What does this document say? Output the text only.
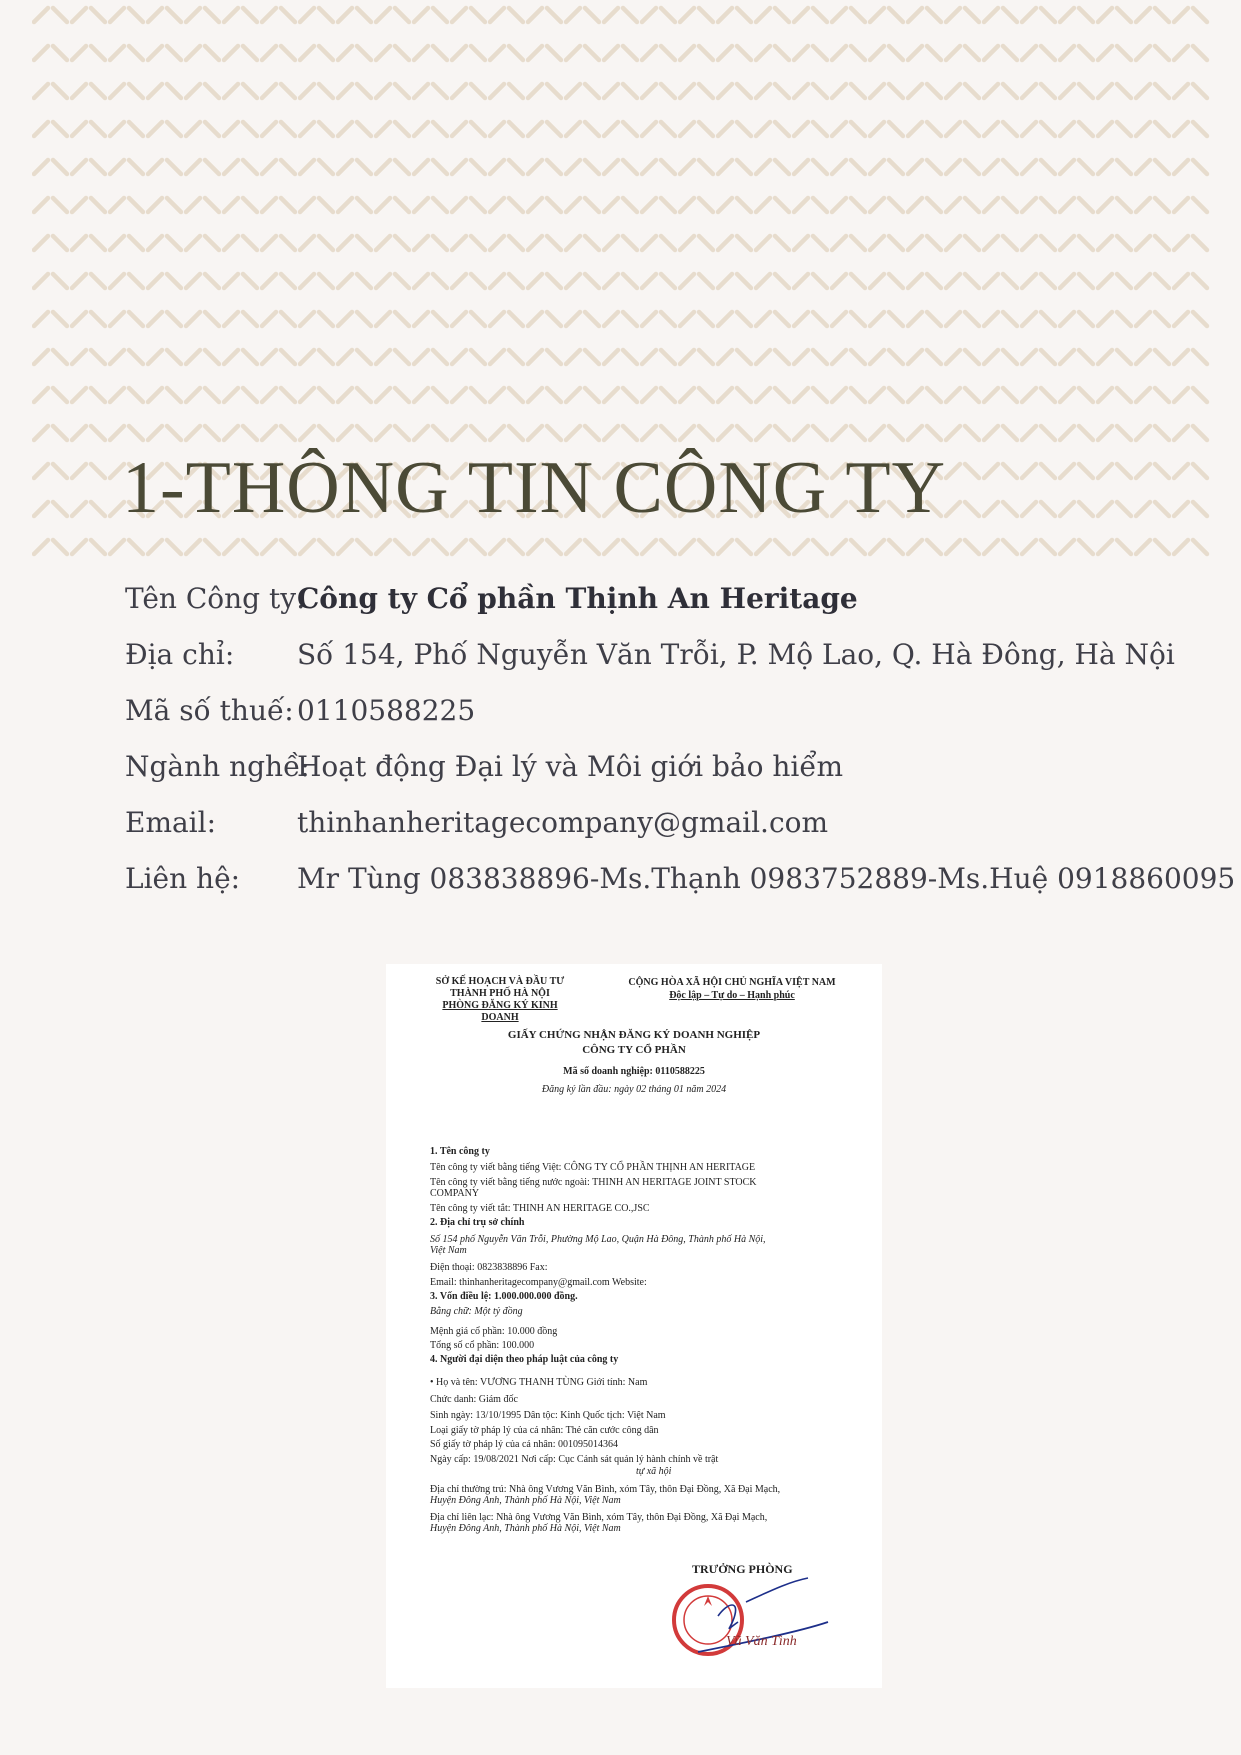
1-THÔNG TIN CÔNG TY
Tên Công ty:
Công ty Cổ phần Thịnh An Heritage
Địa chỉ:	Số 154, Phố Nguyễn Văn Trỗi, P. Mộ Lao, Q. Hà Đông, Hà Nội
Mã số thuế: 0110588225
Ngành nghề:
Hoạt động Đại lý và Môi giới bảo hiểm
Email:	thinhanheritagecompany@gmail.com
Liên hệ:	Mr Tùng 083838896-Ms.Thạnh 0983752889-Ms.Huệ 0918860095
SỞ KẾ HOẠCH VÀ ĐẦU TƯ
THÀNH PHỐ HÀ NỘI
PHÒNG ĐĂNG KÝ KINH DOANH
CỘNG HÒA XÃ HỘI CHỦ NGHĨA VIỆT NAM
Độc lập – Tự do – Hạnh phúc
GIẤY CHỨNG NHẬN ĐĂNG KÝ DOANH NGHIỆP
CÔNG TY CỔ PHẦN
Mã số doanh nghiệp: 0110588225
Đăng ký lần đầu: ngày 02 tháng 01 năm 2024
1. Tên công ty
Tên công ty viết bằng tiếng Việt: CÔNG TY CỔ PHẦN THỊNH AN HERITAGE
Tên công ty viết bằng tiếng nước ngoài: THINH AN HERITAGE JOINT STOCK
COMPANY
Tên công ty viết tắt: THINH AN HERITAGE CO.,JSC
2. Địa chỉ trụ sở chính
Số 154 phố Nguyễn Văn Trỗi, Phường Mộ Lao, Quận Hà Đông, Thành phố Hà Nội,
Việt Nam
Điện thoại: 0823838896 Fax:
Email: thinhanheritagecompany@gmail.com Website:
3. Vốn điều lệ: 1.000.000.000 đồng.
Bằng chữ: Một tỷ đồng
Mệnh giá cổ phần: 10.000 đồng
Tổng số cổ phần: 100.000
4. Người đại diện theo pháp luật của công ty
• Họ và tên: VƯƠNG THANH TÙNG Giới tính: Nam
Chức danh: Giám đốc
Sinh ngày: 13/10/1995 Dân tộc: Kinh Quốc tịch: Việt Nam
Loại giấy tờ pháp lý của cá nhân: Thẻ căn cước công dân
Số giấy tờ pháp lý của cá nhân: 001095014364
Ngày cấp: 19/08/2021 Nơi cấp: Cục Cảnh sát quản lý hành chính về trật
tự xã hội
Địa chỉ thường trú: Nhà ông Vương Văn Bình, xóm Tây, thôn Đại Đồng, Xã Đại Mạch,
Huyện Đông Anh, Thành phố Hà Nội, Việt Nam
Địa chỉ liên lạc: Nhà ông Vương Văn Bình, xóm Tây, thôn Đại Đồng, Xã Đại Mạch,
Huyện Đông Anh, Thành phố Hà Nội, Việt Nam
TRƯỞNG PHÒNG
Vũ Văn Tình
